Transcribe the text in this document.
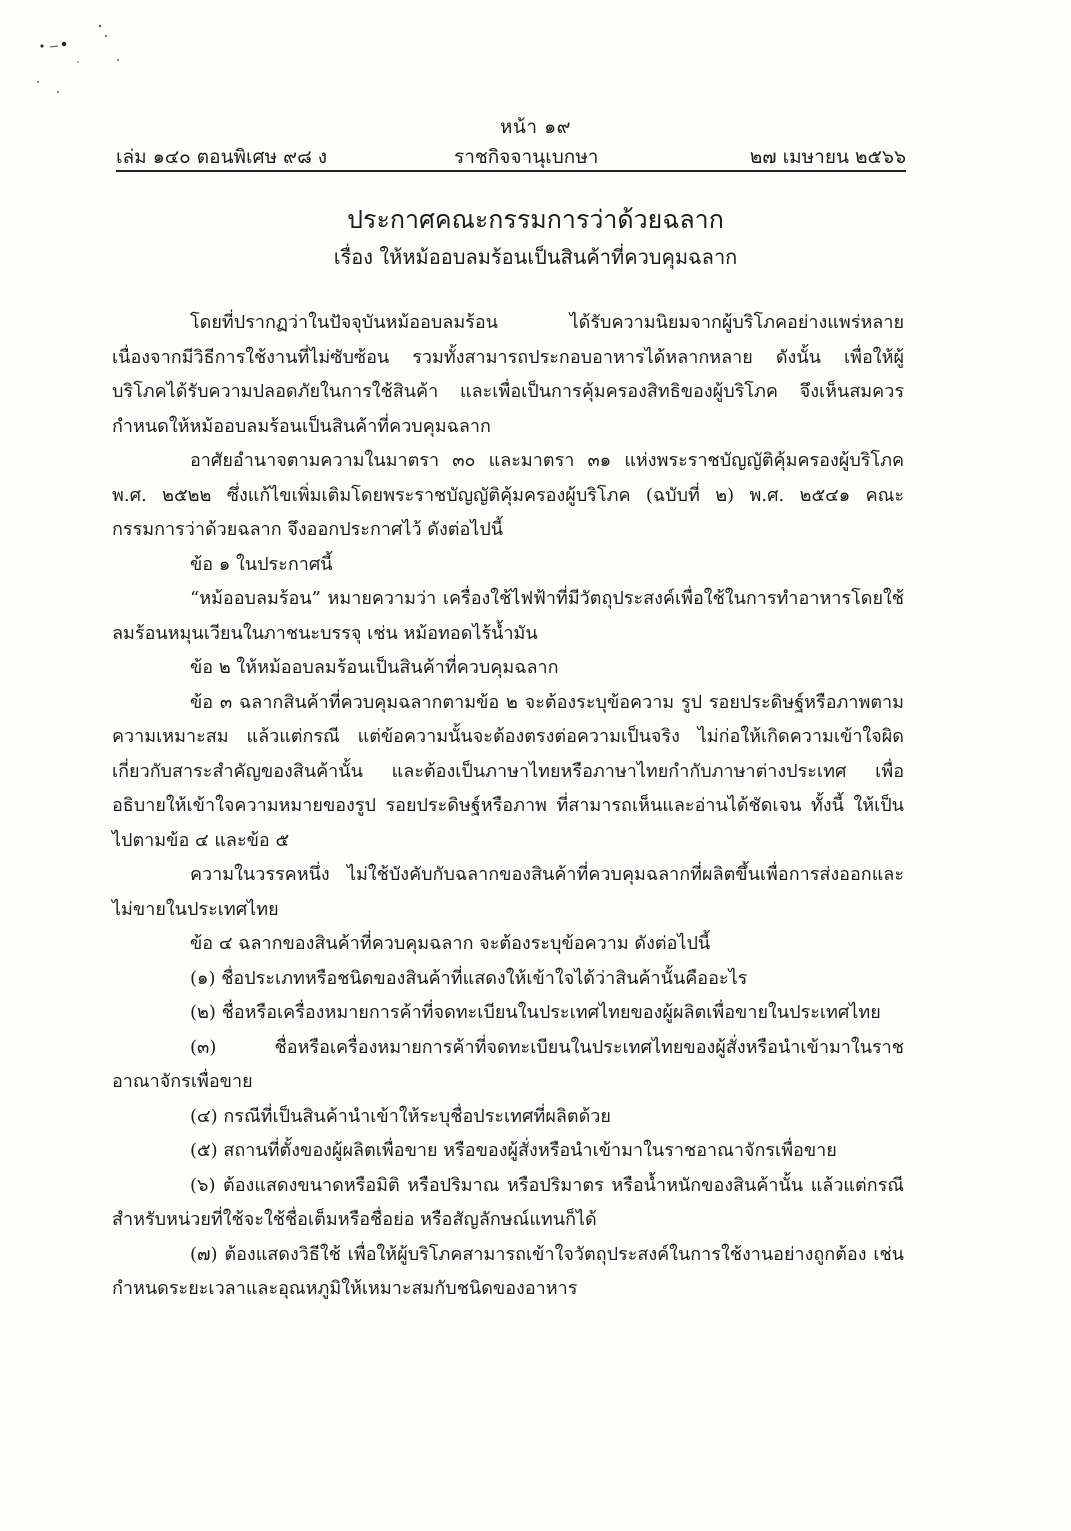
หน้า ๑๙
เล่ม ๑๔๐ ตอนพิเศษ ๙๘ ง	ราชกิจจานุเบกษา	๒๗ เมษายน ๒๕๖๖
ประกาศคณะกรรมการว่าด้วยฉลาก
เรื่อง ให้หม้ออบลมร้อนเป็นสินค้าที่ควบคุมฉลาก

โดยที่ปรากฏว่าในปัจจุบันหม้ออบลมร้อน ได้รับความนิยมจากผู้บริโภคอย่างแพร่หลาย เนื่องจากมีวิธีการใช้งานที่ไม่ซับซ้อน รวมทั้งสามารถประกอบอาหารได้หลากหลาย ดังนั้น เพื่อให้ผู้บริโภคได้รับความปลอดภัยในการใช้สินค้า และเพื่อเป็นการคุ้มครองสิทธิของผู้บริโภค จึงเห็นสมควรกำหนดให้หม้ออบลมร้อนเป็นสินค้าที่ควบคุมฉลาก

อาศัยอำนาจตามความในมาตรา ๓๐ และมาตรา ๓๑ แห่งพระราชบัญญัติคุ้มครองผู้บริโภค พ.ศ. ๒๕๒๒ ซึ่งแก้ไขเพิ่มเติมโดยพระราชบัญญัติคุ้มครองผู้บริโภค (ฉบับที่ ๒) พ.ศ. ๒๕๔๑ คณะกรรมการว่าด้วยฉลาก จึงออกประกาศไว้ ดังต่อไปนี้

ข้อ ๑ ในประกาศนี้

“หม้ออบลมร้อน” หมายความว่า เครื่องใช้ไฟฟ้าที่มีวัตถุประสงค์เพื่อใช้ในการทำอาหารโดยใช้ลมร้อนหมุนเวียนในภาชนะบรรจุ เช่น หม้อทอดไร้น้ำมัน

ข้อ ๒ ให้หม้ออบลมร้อนเป็นสินค้าที่ควบคุมฉลาก

ข้อ ๓ ฉลากสินค้าที่ควบคุมฉลากตามข้อ ๒ จะต้องระบุข้อความ รูป รอยประดิษฐ์หรือภาพตามความเหมาะสม แล้วแต่กรณี แต่ข้อความนั้นจะต้องตรงต่อความเป็นจริง ไม่ก่อให้เกิดความเข้าใจผิดเกี่ยวกับสาระสำคัญของสินค้านั้น และต้องเป็นภาษาไทยหรือภาษาไทยกำกับภาษาต่างประเทศ เพื่ออธิบายให้เข้าใจความหมายของรูป รอยประดิษฐ์หรือภาพ ที่สามารถเห็นและอ่านได้ชัดเจน ทั้งนี้ ให้เป็นไปตามข้อ ๔ และข้อ ๕

ความในวรรคหนึ่ง ไม่ใช้บังคับกับฉลากของสินค้าที่ควบคุมฉลากที่ผลิตขึ้นเพื่อการส่งออกและไม่ขายในประเทศไทย

ข้อ ๔ ฉลากของสินค้าที่ควบคุมฉลาก จะต้องระบุข้อความ ดังต่อไปนี้

(๑) ชื่อประเภทหรือชนิดของสินค้าที่แสดงให้เข้าใจได้ว่าสินค้านั้นคืออะไร

(๒) ชื่อหรือเครื่องหมายการค้าที่จดทะเบียนในประเทศไทยของผู้ผลิตเพื่อขายในประเทศไทย

(๓) ชื่อหรือเครื่องหมายการค้าที่จดทะเบียนในประเทศไทยของผู้สั่งหรือนำเข้ามาในราชอาณาจักรเพื่อขาย

(๔) กรณีที่เป็นสินค้านำเข้าให้ระบุชื่อประเทศที่ผลิตด้วย

(๕) สถานที่ตั้งของผู้ผลิตเพื่อขาย หรือของผู้สั่งหรือนำเข้ามาในราชอาณาจักรเพื่อขาย

(๖) ต้องแสดงขนาดหรือมิติ หรือปริมาณ หรือปริมาตร หรือน้ำหนักของสินค้านั้น แล้วแต่กรณี สำหรับหน่วยที่ใช้จะใช้ชื่อเต็มหรือชื่อย่อ หรือสัญลักษณ์แทนก็ได้

(๗) ต้องแสดงวิธีใช้ เพื่อให้ผู้บริโภคสามารถเข้าใจวัตถุประสงค์ในการใช้งานอย่างถูกต้อง เช่น กำหนดระยะเวลาและอุณหภูมิให้เหมาะสมกับชนิดของอาหาร
